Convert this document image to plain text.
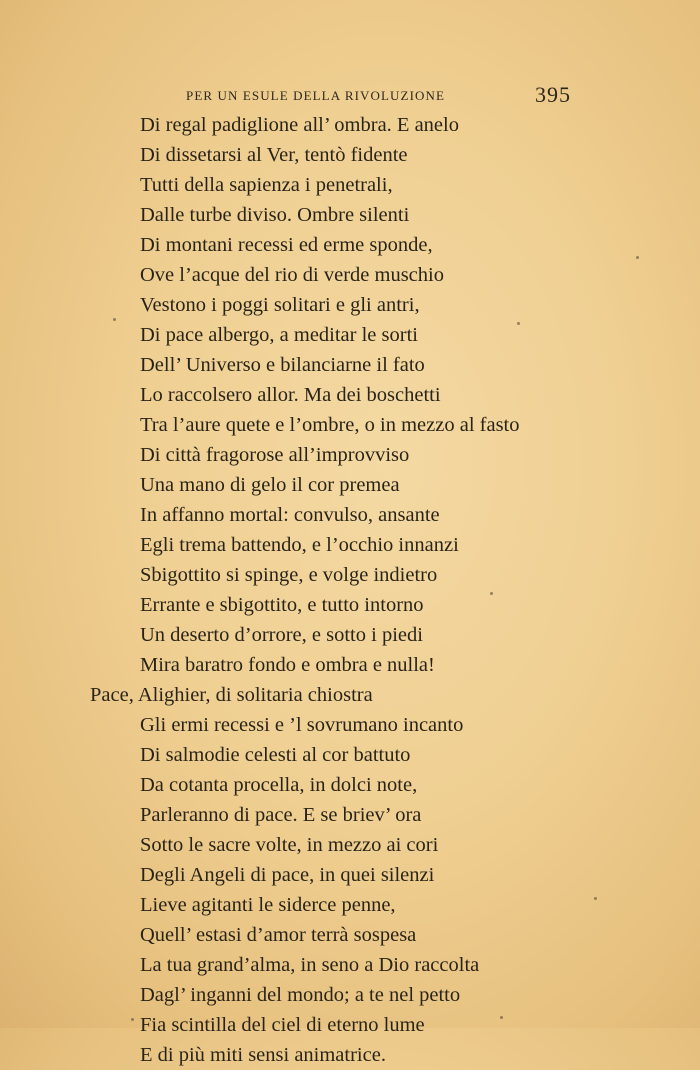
PER UN ESULE DELLA RIVOLUZIONE	395
Di regal padiglione all’ ombra. E anelo
Di dissetarsi al Ver, tentò fidente
Tutti della sapienza i penetrali,
Dalle turbe diviso. Ombre silenti
Di montani recessi ed erme sponde,
Ove l’acque del rio di verde muschio
Vestono i poggi solitari e gli antri,
Di pace albergo, a meditar le sorti
Dell’ Universo e bilanciarne il fato
Lo raccolsero allor. Ma dei boschetti
Tra l’aure quete e l’ombre, o in mezzo al fasto
Di città fragorose all’improvviso
Una mano di gelo il cor premea
In affanno mortal: convulso, ansante
Egli trema battendo, e l’occhio innanzi
Sbigottito si spinge, e volge indietro
Errante e sbigottito, e tutto intorno
Un deserto d’orrore, e sotto i piedi
Mira baratro fondo e ombra e nulla!
Pace, Alighier, di solitaria chiostra
Gli ermi recessi e ’l sovrumano incanto
Di salmodie celesti al cor battuto
Da cotanta procella, in dolci note,
Parleranno di pace. E se briev’ ora
Sotto le sacre volte, in mezzo ai cori
Degli Angeli di pace, in quei silenzi
Lieve agitanti le siderce penne,
Quell’ estasi d’amor terrà sospesa
La tua grand’alma, in seno a Dio raccolta
Dagl’ inganni del mondo; a te nel petto
Fia scintilla del ciel di eterno lume
E di più miti sensi animatrice.
